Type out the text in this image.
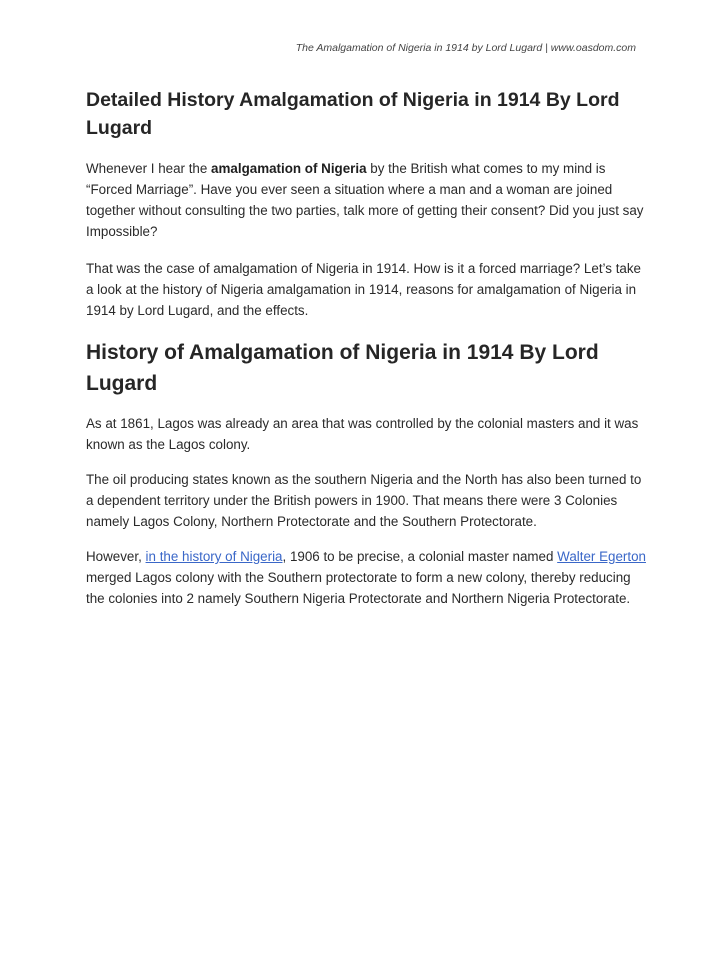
The Amalgamation of Nigeria in 1914 by Lord Lugard | www.oasdom.com
Detailed History Amalgamation of Nigeria in 1914 By Lord Lugard

Whenever I hear the amalgamation of Nigeria by the British what comes to my mind is “Forced Marriage”. Have you ever seen a situation where a man and a woman are joined together without consulting the two parties, talk more of getting their consent? Did you just say Impossible?

That was the case of amalgamation of Nigeria in 1914. How is it a forced marriage? Let’s take a look at the history of Nigeria amalgamation in 1914, reasons for amalgamation of Nigeria in 1914 by Lord Lugard, and the effects.

History of Amalgamation of Nigeria in 1914 By Lord Lugard

As at 1861, Lagos was already an area that was controlled by the colonial masters and it was known as the Lagos colony.

The oil producing states known as the southern Nigeria and the North has also been turned to a dependent territory under the British powers in 1900. That means there were 3 Colonies namely Lagos Colony, Northern Protectorate and the Southern Protectorate.

However, in the history of Nigeria, 1906 to be precise, a colonial master named Walter Egerton merged Lagos colony with the Southern protectorate to form a new colony, thereby reducing the colonies into 2 namely Southern Nigeria Protectorate and Northern Nigeria Protectorate.
